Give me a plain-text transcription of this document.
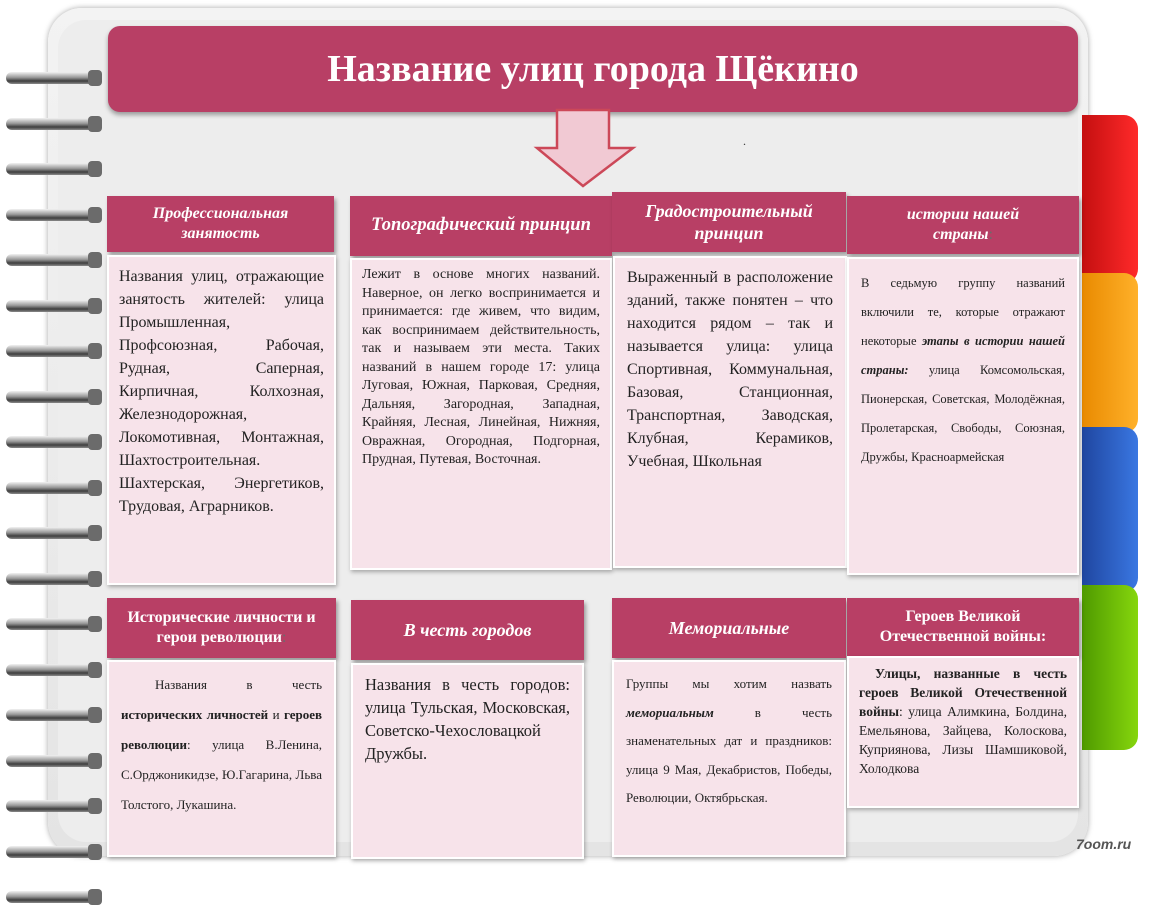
Название улиц города Щёкино
.
Профессиональная занятость	Топографический принцип
Градостроительный принцип
истории нашей страны:
Названия улиц, отражающие занятость жителей: улица Промышленная, Профсоюзная, Рабочая, Рудная, Саперная, Кирпичная, Колхозная, Железнодорожная, Локомотивная, Монтажная, Шахтостроительная. Шахтерская, Энергетиков, Трудовая, Аграрников.
Лежит в основе многих названий. Наверное, он легко воспринимается и принимается: где живем, что видим, как воспринимаем действительность, так и называем эти места. Таких названий в нашем городе 17: улица Луговая, Южная, Парковая, Средняя, Дальняя, Загородная, Западная, Крайняя, Лесная, Линейная, Нижняя, Овражная, Огородная, Подгорная, Прудная, Путевая, Восточная.
Выраженный в расположение зданий, также понятен – что находится рядом – так и называется улица: улица Спортивная, Коммунальная, Базовая, Станционная, Транспортная, Заводская, Клубная, Керамиков, Учебная, Школьная
В седьмую группу названий включили те, которые отражают некоторые этапы в истории нашей страны: улица Комсомольская, Пионерская, Советская, Молодёжная, Пролетарская, Свободы, Союзная, Дружбы, Красноармейская
Исторические личности и герои революции:	В честь городов	Мемориальные
Героев Великой Отечественной войны:
Названия в честь исторических личностей и героев революции: улица В.Ленина, С.Орджоникидзе, Ю.Гагарина, Льва Толстого, Лукашина.
Названия в честь городов: улица Тульская, Московская, Советско-Чехословацкой Дружбы.
Группы мы хотим назвать мемориальным в честь знаменательных дат и праздников: улица 9 Мая, Декабристов, Победы, Революции, Октябрьская.
Улицы, названные в честь героев Великой Отечественной войны: улица Алимкина, Болдина, Емельянова, Зайцева, Колоскова, Куприянова, Лизы Шамшиковой, Холодкова
7oom.ru
